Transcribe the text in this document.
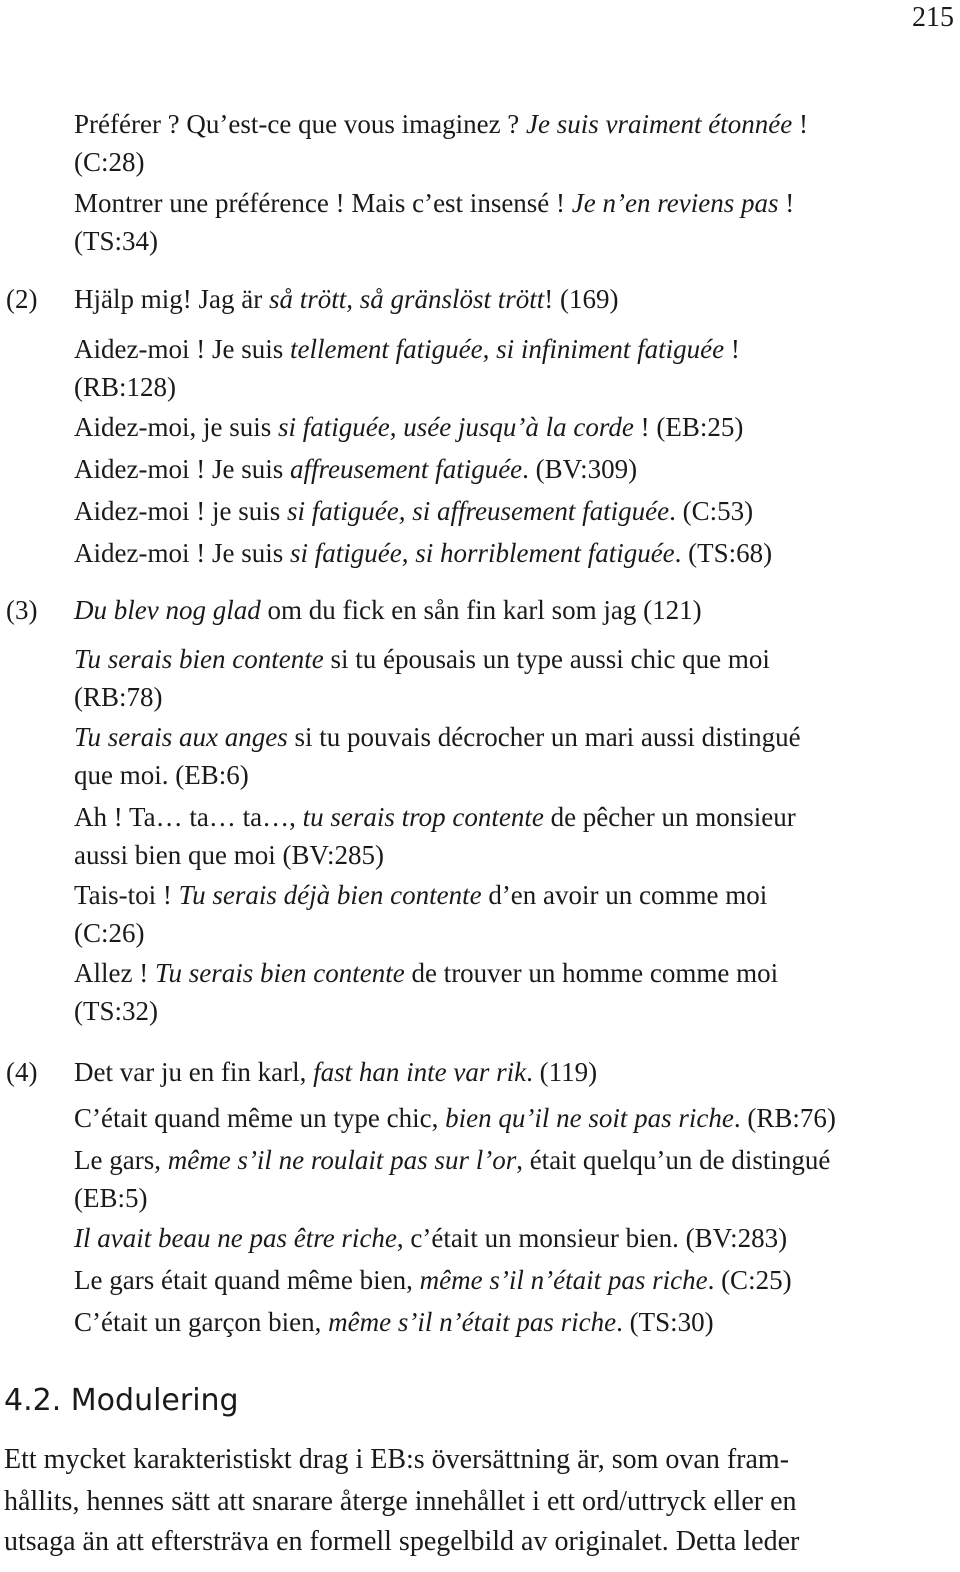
215
Préférer ? Qu’est-ce que vous imaginez ? Je suis vraiment étonnée !
(C:28)
Montrer une préférence ! Mais c’est insensé ! Je n’en reviens pas !
(TS:34)
(2) Hjälp mig! Jag är så trött, så gränslöst trött! (169)
Aidez-moi ! Je suis tellement fatiguée, si infiniment fatiguée !
(RB:128)
Aidez-moi, je suis si fatiguée, usée jusqu’à la corde ! (EB:25)
Aidez-moi ! Je suis affreusement fatiguée. (BV:309)
Aidez-moi ! je suis si fatiguée, si affreusement fatiguée. (C:53)
Aidez-moi ! Je suis si fatiguée, si horriblement fatiguée. (TS:68)
(3) Du blev nog glad om du fick en sån fin karl som jag (121)
Tu serais bien contente si tu épousais un type aussi chic que moi
(RB:78)
Tu serais aux anges si tu pouvais décrocher un mari aussi distingué
que moi. (EB:6)
Ah ! Ta… ta… ta…, tu serais trop contente de pêcher un monsieur
aussi bien que moi (BV:285)
Tais-toi ! Tu serais déjà bien contente d’en avoir un comme moi
(C:26)
Allez ! Tu serais bien contente de trouver un homme comme moi
(TS:32)
(4) Det var ju en fin karl, fast han inte var rik. (119)
C’était quand même un type chic, bien qu’il ne soit pas riche. (RB:76)
Le gars, même s’il ne roulait pas sur l’or, était quelqu’un de distingué
(EB:5)
Il avait beau ne pas être riche, c’était un monsieur bien. (BV:283)
Le gars était quand même bien, même s’il n’était pas riche. (C:25)
C’était un garçon bien, même s’il n’était pas riche. (TS:30)
4.2. Modulering
Ett mycket karakteristiskt drag i EB:s översättning är, som ovan fram-
hållits, hennes sätt att snarare återge innehållet i ett ord/uttryck eller en
utsaga än att eftersträva en formell spegelbild av originalet. Detta leder
